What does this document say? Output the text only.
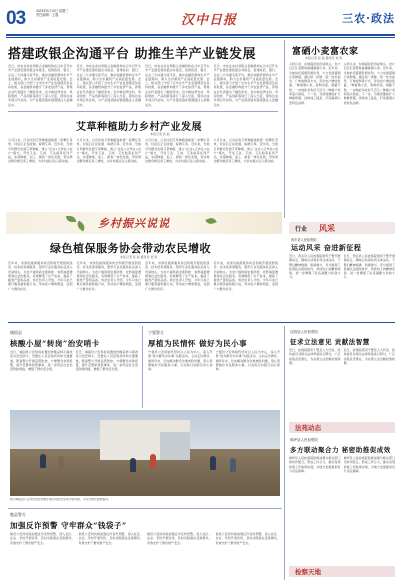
03	2023年9月13日 星期三
责任编辑：王磊	汉中日报	三农·政法
搭建政银企沟通平台 助推生羊产业链发展
近日，市农业农村局联合金融机构在汉中召开生羊产业链发展政银企对接会，搭建政府、银行、企业三方沟通交流平台，推动金融资源向生羊产业链倾斜，助力全市畜牧产业高质量发展。会上，相关部门介绍了全市生羊产业发展情况及扶持政策，各金融机构推介了涉农信贷产品，养殖企业代表提出了融资需求。双方就信贷支持、风险防控、产品创新等进行了深入交流，现场达成多项合作意向，为产业链延链补链强链注入金融活水。
近日，市农业农村局联合金融机构在汉中召开生羊产业链发展政银企对接会，搭建政府、银行、企业三方沟通交流平台，推动金融资源向生羊产业链倾斜，助力全市畜牧产业高质量发展。会上，相关部门介绍了全市生羊产业发展情况及扶持政策，各金融机构推介了涉农信贷产品，养殖企业代表提出了融资需求。双方就信贷支持、风险防控、产品创新等进行了深入交流，现场达成多项合作意向，为产业链延链补链强链注入金融活水。
近日，市农业农村局联合金融机构在汉中召开生羊产业链发展政银企对接会，搭建政府、银行、企业三方沟通交流平台，推动金融资源向生羊产业链倾斜，助力全市畜牧产业高质量发展。会上，相关部门介绍了全市生羊产业发展情况及扶持政策，各金融机构推介了涉农信贷产品，养殖企业代表提出了融资需求。双方就信贷支持、风险防控、产品创新等进行了深入交流，现场达成多项合作意向，为产业链延链补链强链注入金融活水。
近日，市农业农村局联合金融机构在汉中召开生羊产业链发展政银企对接会，搭建政府、银行、企业三方沟通交流平台，推动金融资源向生羊产业链倾斜，助力全市畜牧产业高质量发展。会上，相关部门介绍了全市生羊产业发展情况及扶持政策，各金融机构推介了涉农信贷产品，养殖企业代表提出了融资需求。双方就信贷支持、风险防控、产品创新等进行了深入交流，现场达成多项合作意向，为产业链延链补链强链注入金融活水。
富硒小麦富农家
本报记者 张 丽 通讯员 刘 涛
入秋以来，在城固县的田间地头，农户们正忙着整地备播富硒小麦。近年来，当地依托富硒资源优势，大力发展富硒小麦种植，通过统一供种、统一技术指导、订单收购等方式，带动农户增收致富。“种富硒小麦，收购价高，销路不愁，一亩地能多收好几百元。”种植户老李高兴地说。下一步，当地将继续扩大种植规模，延伸加工链条，打造富硒小麦特色品牌。
入秋以来，在城固县的田间地头，农户们正忙着整地备播富硒小麦。近年来，当地依托富硒资源优势，大力发展富硒小麦种植，通过统一供种、统一技术指导、订单收购等方式，带动农户增收致富。“种富硒小麦，收购价高，销路不愁，一亩地能多收好几百元。”种植户老李高兴地说。下一步，当地将继续扩大种植规模，延伸加工链条，打造富硒小麦特色品牌。
艾草种植助力乡村产业发展
本报记者 张 丽
九月以来，汉台区的艾草种植基地里一派繁忙景象，村民们正在收割、晾晒艾草。近年来，当地引导群众发展艾草种植，建立“企业+合作社+农户”模式，开发艾条、艾绒、艾灸贴等系列产品，实现种植、加工、销售一体化发展，带动周边群众就近务工增收，为乡村振兴注入新动能。
九月以来，汉台区的艾草种植基地里一派繁忙景象，村民们正在收割、晾晒艾草。近年来，当地引导群众发展艾草种植，建立“企业+合作社+农户”模式，开发艾条、艾绒、艾灸贴等系列产品，实现种植、加工、销售一体化发展，带动周边群众就近务工增收，为乡村振兴注入新动能。
九月以来，汉台区的艾草种植基地里一派繁忙景象，村民们正在收割、晾晒艾草。近年来，当地引导群众发展艾草种植，建立“企业+合作社+农户”模式，开发艾条、艾绒、艾灸贴等系列产品，实现种植、加工、销售一体化发展，带动周边群众就近务工增收，为乡村振兴注入新动能。
九月以来，汉台区的艾草种植基地里一派繁忙景象，村民们正在收割、晾晒艾草。近年来，当地引导群众发展艾草种植，建立“企业+合作社+农户”模式，开发艾条、艾绒、艾灸贴等系列产品，实现种植、加工、销售一体化发展，带动周边群众就近务工增收，为乡村振兴注入新动能。
乡村振兴说说
绿色植保服务协会带动农民增收
本报记者 张 丽 通讯员 刘 涛
近年来，市绿色植保服务协会积极开展统防统治、技术培训等服务，组织专业化服务队伍深入田间地头，为农户提供病虫害防控、农药减量增效等社会化服务，有效降低了生产成本，提高了粮食产量和品质。协会负责人介绍，今年以来已累计服务面积数万亩，带动农户增收明显，受到广大群众好评。
近年来，市绿色植保服务协会积极开展统防统治、技术培训等服务，组织专业化服务队伍深入田间地头，为农户提供病虫害防控、农药减量增效等社会化服务，有效降低了生产成本，提高了粮食产量和品质。协会负责人介绍，今年以来已累计服务面积数万亩，带动农户增收明显，受到广大群众好评。
近年来，市绿色植保服务协会积极开展统防统治、技术培训等服务，组织专业化服务队伍深入田间地头，为农户提供病虫害防控、农药减量增效等社会化服务，有效降低了生产成本，提高了粮食产量和品质。协会负责人介绍，今年以来已累计服务面积数万亩，带动农户增收明显，受到广大群众好评。
近年来，市绿色植保服务协会积极开展统防统治、技术培训等服务，组织专业化服务队伍深入田间地头，为农户提供病虫害防控、农药减量增效等社会化服务，有效降低了生产成本，提高了粮食产量和品质。协会负责人介绍，今年以来已累计服务面积数万亩，带动农户增收明显，受到广大群众好评。
行业 风采
西乡县人民检察院
运动风采 奋进新征程
近日，西乡县人民检察院组织干警开展健步走、趣味运动等系列文体活动，干警们精神饱满、积极参与，充分展现了检察队伍团结协作、昂扬向上的精神风貌，进一步增强了队伍凝聚力和战斗力。
近日，西乡县人民检察院组织干警开展健步走、趣味运动等系列文体活动，干警们精神饱满、积极参与，充分展现了检察队伍团结协作、昂扬向上的精神风貌，进一步增强了队伍凝聚力和战斗力。
城固县
核酸小屋“转岗”治安哨卡
近日，城固县公安局将闲置的核酸采样小屋改造为治安哨卡，设置在人员密集场所和交通要道，配备警力开展巡逻防控，方便群众求助报警，提升见警率和管事率，进一步织密社会治安防控网络，增强了群众安全感。
近日，城固县公安局将闲置的核酸采样小屋改造为治安哨卡，设置在人员密集场所和交通要道，配备警力开展巡逻防控，方便群众求助报警，提升见警率和管事率，进一步织密社会治安防控网络，增强了群众安全感。
宁强警方
厚植为民情怀 做好为民小事
宁强县公安局始终坚持以人民为中心，深入开展“我为群众办实事”实践活动，主动走访群众、倾听诉求，切实解决群众急难愁盼问题，用心用情做好为民服务小事，以实际行动践行初心使命。
宁强县公安局始终坚持以人民为中心，深入开展“我为群众办实事”实践活动，主动走访群众、倾听诉求，切实解决群众急难愁盼问题，用心用情做好为民服务小事，以实际行动践行初心使命。
图为城固县公安局民警在核酸小屋改造的治安哨卡前执勤，为过往群众提供服务。
勉县警方
加强反诈预警 守牢群众“钱袋子”
勉县公安局持续加强反诈宣传预警，深入社区、企业、学校开展宣传，及时劝阻潜在受害群众，有效守护了群众财产安全。
勉县公安局持续加强反诈宣传预警，深入社区、企业、学校开展宣传，及时劝阻潜在受害群众，有效守护了群众财产安全。
勉县公安局持续加强反诈宣传预警，深入社区、企业、学校开展宣传，及时劝阻潜在受害群众，有效守护了群众财产安全。
勉县公安局持续加强反诈宣传预警，深入社区、企业、学校开展宣传，及时劝阻潜在受害群众，有效守护了群众财产安全。
汉阴县人民检察院
征求立法意见 贡献法智慧
近日，检察院组织干警及人大代表、政协委员对相关法律草案进行研讨，广泛收集意见建议，为完善立法贡献检察智慧。
近日，检察院组织干警及人大代表、政协委员对相关法律草案进行研讨，广泛收集意见建议，为完善立法贡献检察智慧。
法苑动态
佛坪县人民检察院
多方联动聚合力 秘密助推促成效
佛坪县人民检察院积极加强与相关部门的协作配合，形成工作合力，推动各项检察工作取得实效，为地方发展提供有力司法保障。
佛坪县人民检察院积极加强与相关部门的协作配合，形成工作合力，推动各项检察工作取得实效，为地方发展提供有力司法保障。
检察天地
